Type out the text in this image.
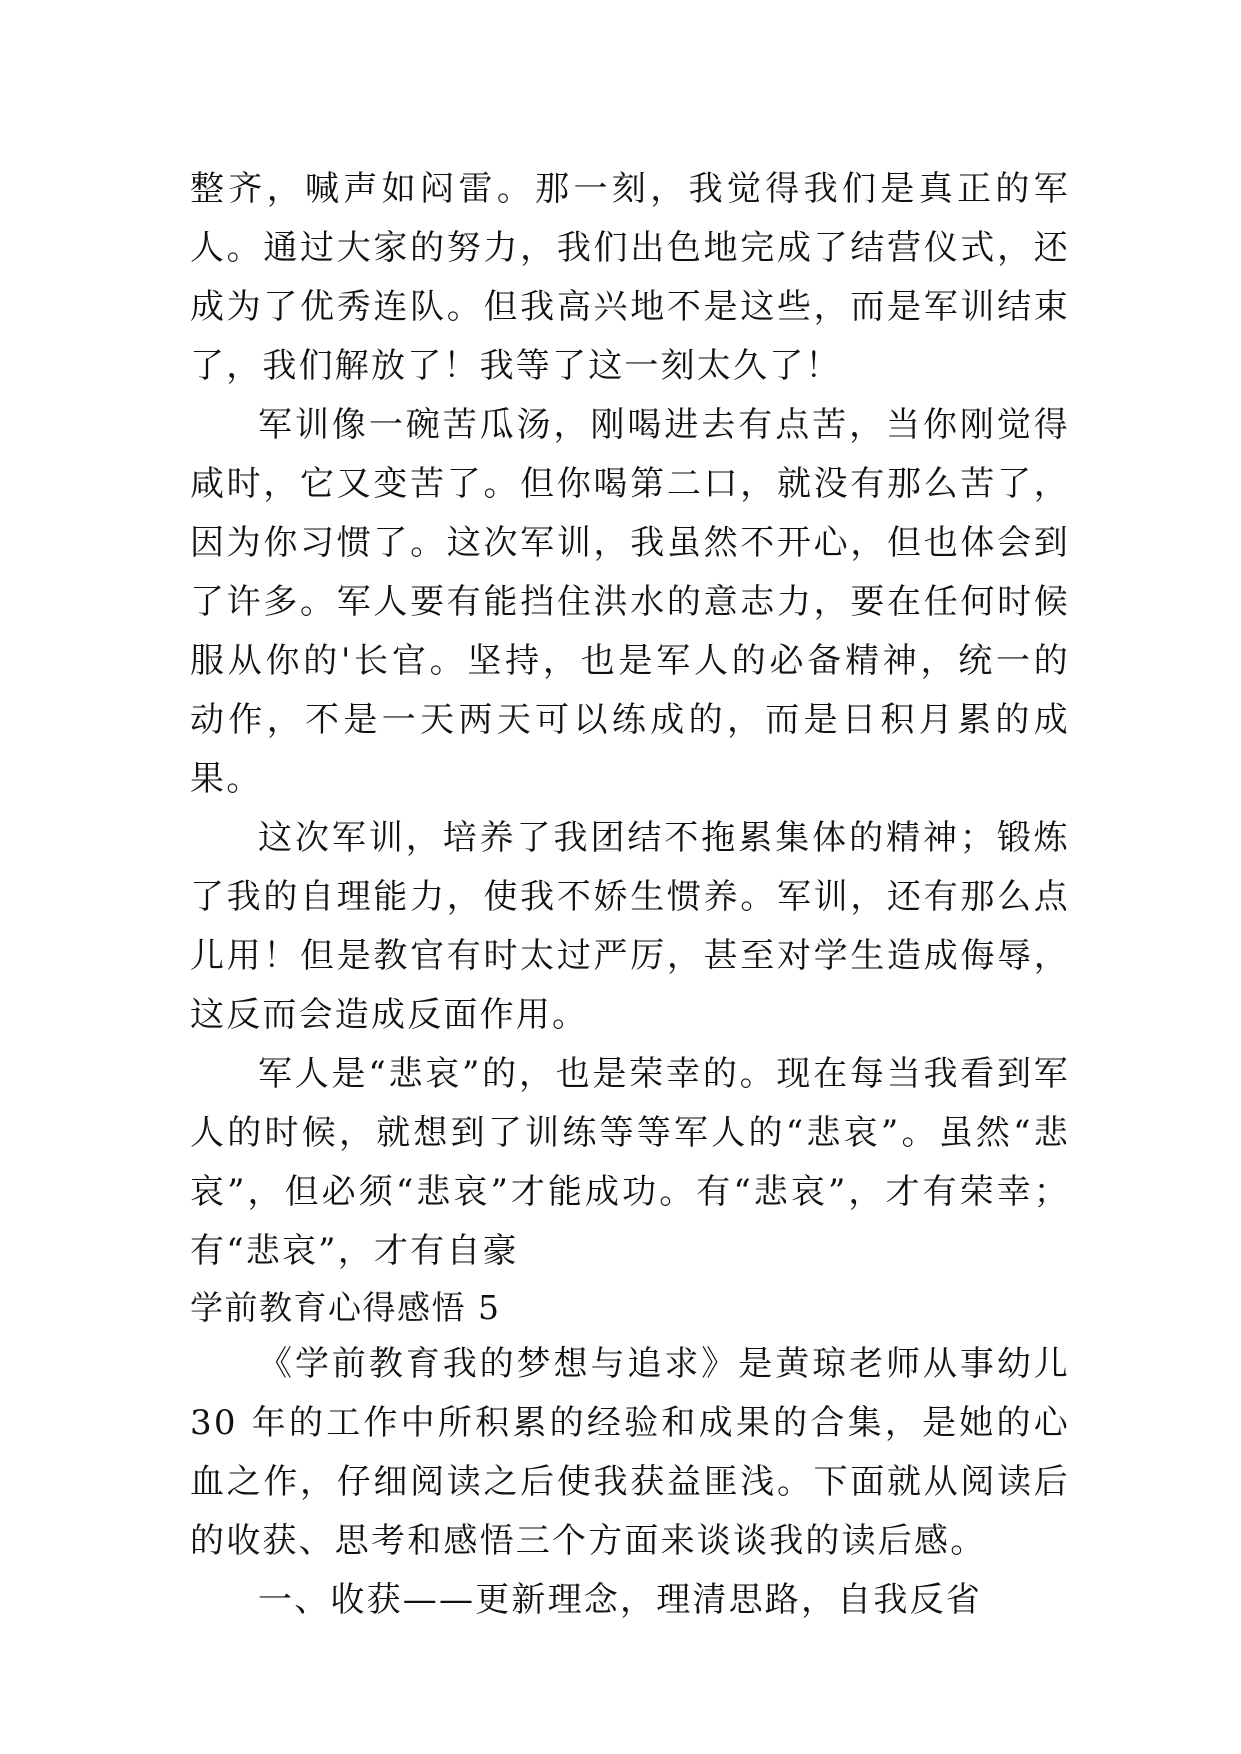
整齐，喊声如闷雷。那一刻，我觉得我们是真正的军人。通过大家的努力，我们出色地完成了结营仪式，还成为了优秀连队。但我高兴地不是这些，而是军训结束了，我们解放了！我等了这一刻太久了！

军训像一碗苦瓜汤，刚喝进去有点苦，当你刚觉得咸时，它又变苦了。但你喝第二口，就没有那么苦了，因为你习惯了。这次军训，我虽然不开心，但也体会到了许多。军人要有能挡住洪水的意志力，要在任何时候服从你的'长官。坚持，也是军人的必备精神，统一的动作，不是一天两天可以练成的，而是日积月累的成果。

这次军训，培养了我团结不拖累集体的精神；锻炼了我的自理能力，使我不娇生惯养。军训，还有那么点儿用！但是教官有时太过严厉，甚至对学生造成侮辱，这反而会造成反面作用。

军人是“悲哀”的，也是荣幸的。现在每当我看到军人的时候，就想到了训练等等军人的“悲哀”。虽然“悲哀”，但必须“悲哀”才能成功。有“悲哀”，才有荣幸；有“悲哀”，才有自豪

学前教育心得感悟 5

《学前教育我的梦想与追求》是黄琼老师从事幼儿 30 年的工作中所积累的经验和成果的合集，是她的心血之作，仔细阅读之后使我获益匪浅。下面就从阅读后的收获、思考和感悟三个方面来谈谈我的读后感。

一、收获——更新理念，理清思路，自我反省
